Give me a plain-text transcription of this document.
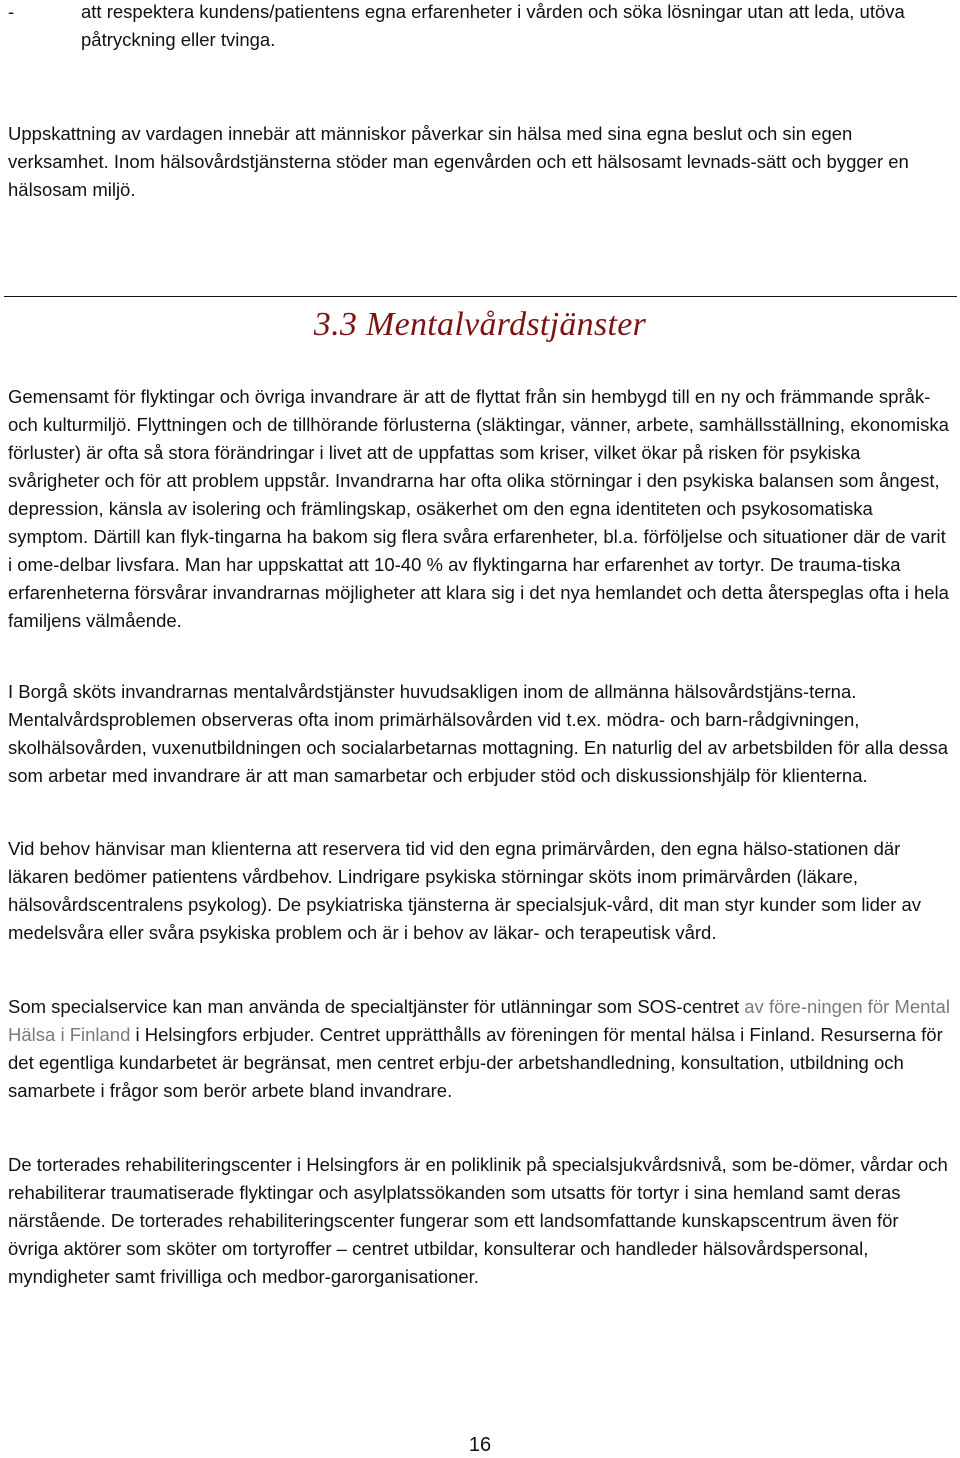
-	att respektera kundens/patientens egna erfarenheter i vården och söka lösningar utan att leda, utöva påtryckning eller tvinga.

Uppskattning av vardagen innebär att människor påverkar sin hälsa med sina egna beslut och sin egen verksamhet. Inom hälsovårdstjänsterna stöder man egenvården och ett hälsosamt levnads-sätt och bygger en hälsosam miljö.

3.3 Mentalvårdstjänster

Gemensamt för flyktingar och övriga invandrare är att de flyttat från sin hembygd till en ny och främmande språk- och kulturmiljö. Flyttningen och de tillhörande förlusterna (släktingar, vänner, arbete, samhällsställning, ekonomiska förluster) är ofta så stora förändringar i livet att de uppfattas som kriser, vilket ökar på risken för psykiska svårigheter och för att problem uppstår. Invandrarna har ofta olika störningar i den psykiska balansen som ångest, depression, känsla av isolering och främlingskap, osäkerhet om den egna identiteten och psykosomatiska symptom. Därtill kan flyk-tingarna ha bakom sig flera svåra erfarenheter, bl.a. förföljelse och situationer där de varit i ome-delbar livsfara. Man har uppskattat att 10-40 % av flyktingarna har erfarenhet av tortyr. De trauma-tiska erfarenheterna försvårar invandrarnas möjligheter att klara sig i det nya hemlandet och detta återspeglas ofta i hela familjens välmående.

I Borgå sköts invandrarnas mentalvårdstjänster huvudsakligen inom de allmänna hälsovårdstjäns-terna. Mentalvårdsproblemen observeras ofta inom primärhälsovården vid t.ex. mödra- och barn-rådgivningen, skolhälsovården, vuxenutbildningen och socialarbetarnas mottagning. En naturlig del av arbetsbilden för alla dessa som arbetar med invandrare är att man samarbetar och erbjuder stöd och diskussionshjälp för klienterna.

Vid behov hänvisar man klienterna att reservera tid vid den egna primärvården, den egna hälso-stationen där läkaren bedömer patientens vårdbehov. Lindrigare psykiska störningar sköts inom primärvården (läkare, hälsovårdscentralens psykolog). De psykiatriska tjänsterna är specialsjuk-vård, dit man styr kunder som lider av medelsvåra eller svåra psykiska problem och är i behov av läkar- och terapeutisk vård.

Som specialservice kan man använda de specialtjänster för utlänningar som SOS-centret av före-ningen för Mental Hälsa i Finland i Helsingfors erbjuder. Centret upprätthålls av föreningen för mental hälsa i Finland. Resurserna för det egentliga kundarbetet är begränsat, men centret erbju-der arbetshandledning, konsultation, utbildning och samarbete i frågor som berör arbete bland invandrare.

De torterades rehabiliteringscenter i Helsingfors är en poliklinik på specialsjukvårdsnivå, som be-dömer, vårdar och rehabiliterar traumatiserade flyktingar och asylplatssökanden som utsatts för tortyr i sina hemland samt deras närstående. De torterades rehabiliteringscenter fungerar som ett landsomfattande kunskapscentrum även för övriga aktörer som sköter om tortyroffer – centret utbildar, konsulterar och handleder hälsovårdspersonal, myndigheter samt frivilliga och medbor-garorganisationer.

16
